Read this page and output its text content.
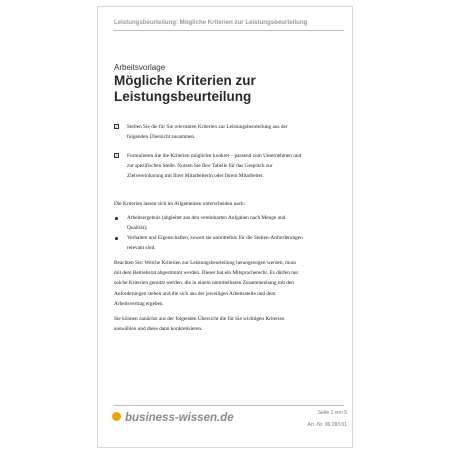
Leistungsbeurteilung: Mögliche Kriterien zur Leistungsbeurteilung
Arbeitsvorlage
Mögliche Kriterien zur Leistungsbeurteilung
✓ Stellen Sie die für Sie relevanten Kriterien zur Leistungsbeurteilung aus der folgenden Übersicht zusammen.
✓ Formulieren Sie die Kriterien möglichst konkret – passend zum Unternehmen und zur spezifischen Stelle. Nutzen Sie Ihre Tabelle für das Gespräch zur Zielvereinbarung mit Ihrer Mitarbeiterin oder Ihrem Mitarbeiter.
Die Kriterien lassen sich im Allgemeinen unterscheiden nach:
Arbeitsergebnis (abgleitet aus den vereinbarten Aufgaben nach Menge und Qualität);
Verhalten und Eigenschaften, soweit sie unmittelbar für die Stellen-Anforderungen relevant sind.
Beachten Sie: Welche Kriterien zur Leistungsbeurteilung herangezogen werden, muss mit dem Betriebsrat abgestimmt werden. Dieser hat ein Mitspracherecht. Es dürfen nur solche Kriterien genutzt werden, die in einem unmittelbaren Zusammenhang mit den Anforderungen stehen und die sich aus der jeweiligen Arbeitsstelle und dem Arbeitsvertrag ergeben.
Sie können zunächst aus der folgenden Übersicht die für Sie wichtigen Kriterien auswählen und diese dann konkretisieren.
business-wissen.de	Seite 1 von 5
Art.-Nr. 06.093.01
